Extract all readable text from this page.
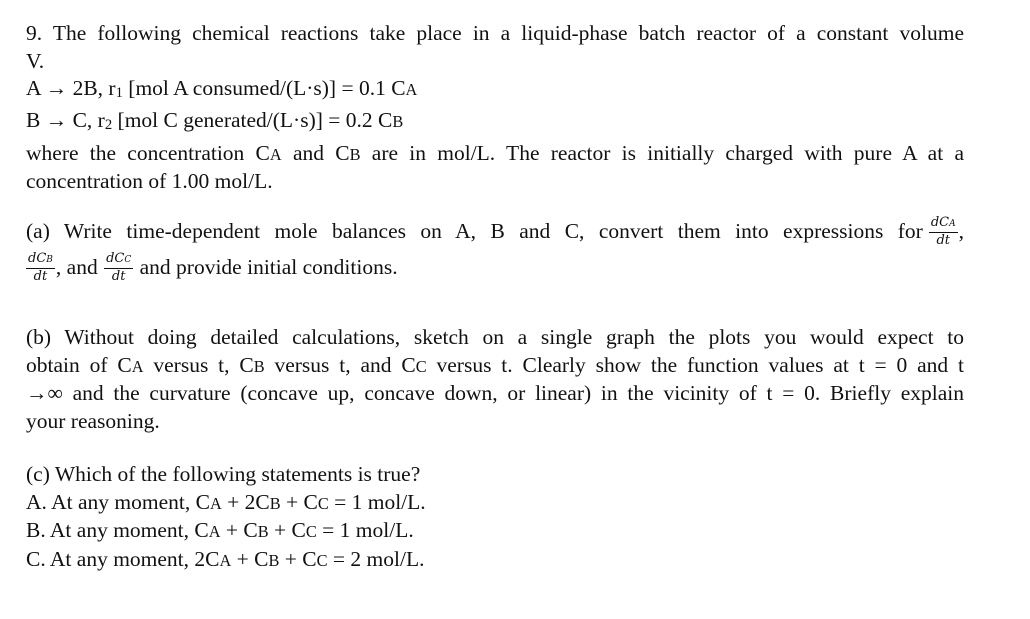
9. The following chemical reactions take place in a liquid-phase batch reactor of a constant volume
V.
A → 2B, r1 [mol A consumed/(L·s)] = 0.1 CA
B → C, r2 [mol C generated/(L·s)] = 0.2 CB
where the concentration CA and CB are in mol/L. The reactor is initially charged with pure A at a
concentration of 1.00 mol/L.
(a) Write time-dependent mole balances on A, B and C, convert them into expressions for $\frac{\text{dCA}}{dt}$ ,
$\frac{\text{dCB}}{dt}$ , and $\frac{\text{dCC}}{dt}$ and provide initial conditions.
(b) Without doing detailed calculations, sketch on a single graph the plots you would expect to
obtain of CA versus t, CB versus t, and CC versus t. Clearly show the function values at t = 0 and t
→∞ and the curvature (concave up, concave down, or linear) in the vicinity of t = 0. Briefly explain
your reasoning.
(c) Which of the following statements is true?
A. At any moment, CA + 2CB + CC = 1 mol/L.
B. At any moment, CA + CB + CC = 1 mol/L.
C. At any moment, 2CA + CB + CC = 2 mol/L.
